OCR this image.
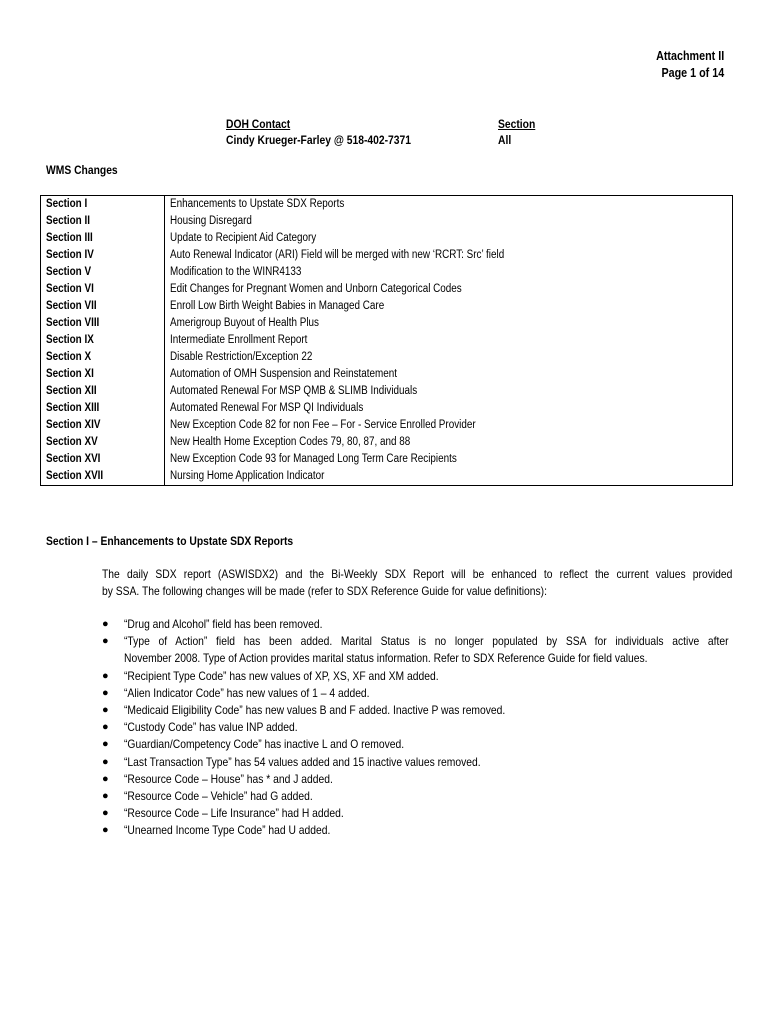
Attachment II
Page 1 of 14
DOH Contact
Cindy Krueger-Farley @ 518-402-7371
Section
All
WMS Changes
Section I	Enhancements to Upstate SDX Reports
Section II	Housing Disregard
Section III	Update to Recipient Aid Category
Section IV	Auto Renewal Indicator (ARI) Field will be merged with new ‘RCRT: Src’ field
Section V	Modification to the WINR4133
Section VI	Edit Changes for Pregnant Women and Unborn Categorical Codes
Section VII	Enroll Low Birth Weight Babies in Managed Care
Section VIII	Amerigroup Buyout of Health Plus
Section IX	Intermediate Enrollment Report
Section X	Disable Restriction/Exception 22
Section XI	Automation of OMH Suspension and Reinstatement
Section XII	Automated Renewal For MSP QMB & SLIMB Individuals
Section XIII	Automated Renewal For MSP QI Individuals
Section XIV	New Exception Code 82 for non Fee – For - Service Enrolled Provider
Section XV	New Health Home Exception Codes 79, 80, 87, and 88
Section XVI	New Exception Code 93 for Managed Long Term Care Recipients
Section XVII	Nursing Home Application Indicator
Section I – Enhancements to Upstate SDX Reports
The daily SDX report (ASWISDX2) and the Bi-Weekly SDX Report will be enhanced to reflect the current values provided
by SSA. The following changes will be made (refer to SDX Reference Guide for value definitions):
● “Drug and Alcohol” field has been removed.
● “Type of Action” field has been added. Marital Status is no longer populated by SSA for individuals active after
November 2008. Type of Action provides marital status information. Refer to SDX Reference Guide for field values.
● “Recipient Type Code” has new values of XP, XS, XF and XM added.
● “Alien Indicator Code” has new values of 1 – 4 added.
● “Medicaid Eligibility Code” has new values B and F added. Inactive P was removed.
● “Custody Code” has value INP added.
● “Guardian/Competency Code” has inactive L and O removed.
● “Last Transaction Type” has 54 values added and 15 inactive values removed.
● “Resource Code – House” has * and J added.
● “Resource Code – Vehicle” had G added.
● “Resource Code – Life Insurance” had H added.
● “Unearned Income Type Code” had U added.
